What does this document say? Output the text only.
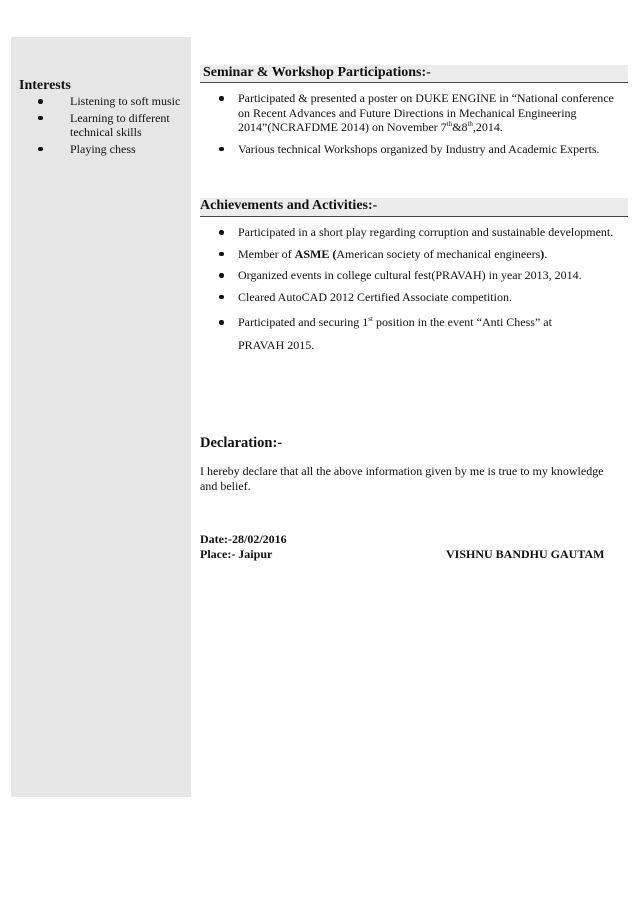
Interests
Listening to soft music
Learning to different technical skills
Playing chess
Seminar & Workshop Participations:-
Participated & presented a poster on DUKE ENGINE in “National conference on Recent Advances and Future Directions in Mechanical Engineering 2014”(NCRAFDME 2014) on November 7th&8th,2014.
Various technical Workshops organized by Industry and Academic Experts.
Achievements and Activities:-
Participated in a short play regarding corruption and sustainable development.
Member of ASME (American society of mechanical engineers).
Organized events in college cultural fest(PRAVAH) in year 2013, 2014.
Cleared AutoCAD 2012 Certified Associate competition.
Participated and securing 1st position in the event “Anti Chess” at
PRAVAH 2015.
Declaration:-
I hereby declare that all the above information given by me is true to my knowledge and belief.
Date:-28/02/2016
Place:- Jaipur	VISHNU BANDHU GAUTAM
